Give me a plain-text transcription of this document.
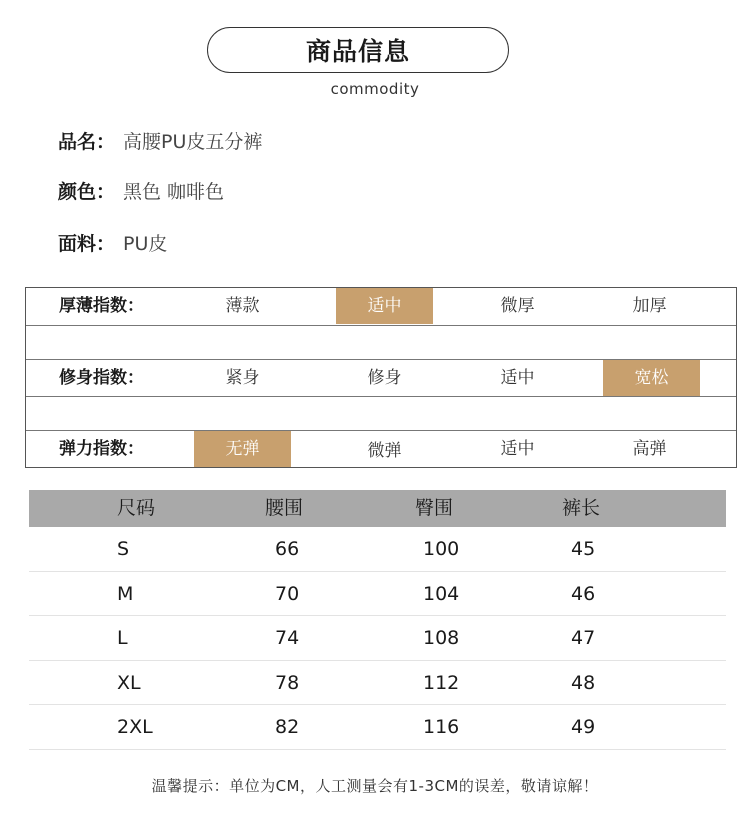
商品信息
commodity
品名： 高腰PU皮五分裤
颜色： 黑色 咖啡色
面料： PU皮
厚薄指数：	薄款	适中	微厚	加厚
修身指数：	紧身	修身	适中	宽松
弹力指数：	无弹	微弹	适中	高弹
尺码	腰围	臀围	裤长
S	66	100	45
M	70	104	46
L	74	108	47
XL	78	112	48
2XL	82	116	49
温馨提示：单位为CM，人工测量会有1-3CM的误差，敬请谅解！
